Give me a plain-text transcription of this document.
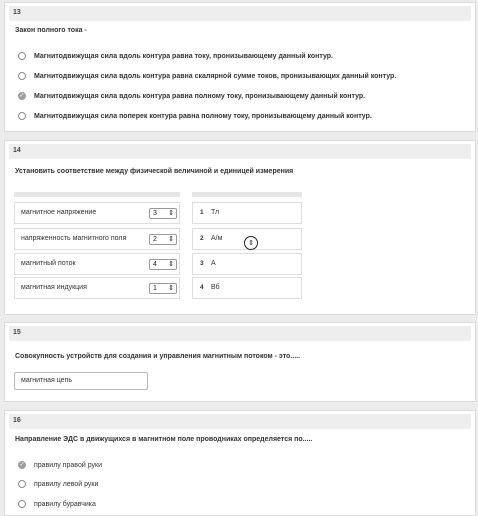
13
Закон полного тока -
Магнитодвижущая сила вдоль контура равна току, пронизывающему данный контур.
Магнитодвижущая сила вдоль контура равна скалярной сумме токов, пронизывающих данный контур.
✓ Магнитодвижущая сила вдоль контура равна полному току, пронизывающему данный контур.
Магнитодвижущая сила поперек контура равна полному току, пронизывающему данный контур.
14
Установить соответствие между физической величиной и единицей измерения
магнитное напряжение	3 ⇕
напряженность магнитного поля	2 ⇕
магнитный поток	4 ⇕
магнитная индукция	1 ⇕
1 Тл
2 А/м
3 А
4 Вб
⇕
15
Совокупность устройств для создания и управления магнитным потоком - это.....
магнитная цепь
16
Направление ЭДС в движущихся в магнитном поле проводниках определяется по.....
✓ правилу правой руки
правилу левой руки
правилу буравчика
